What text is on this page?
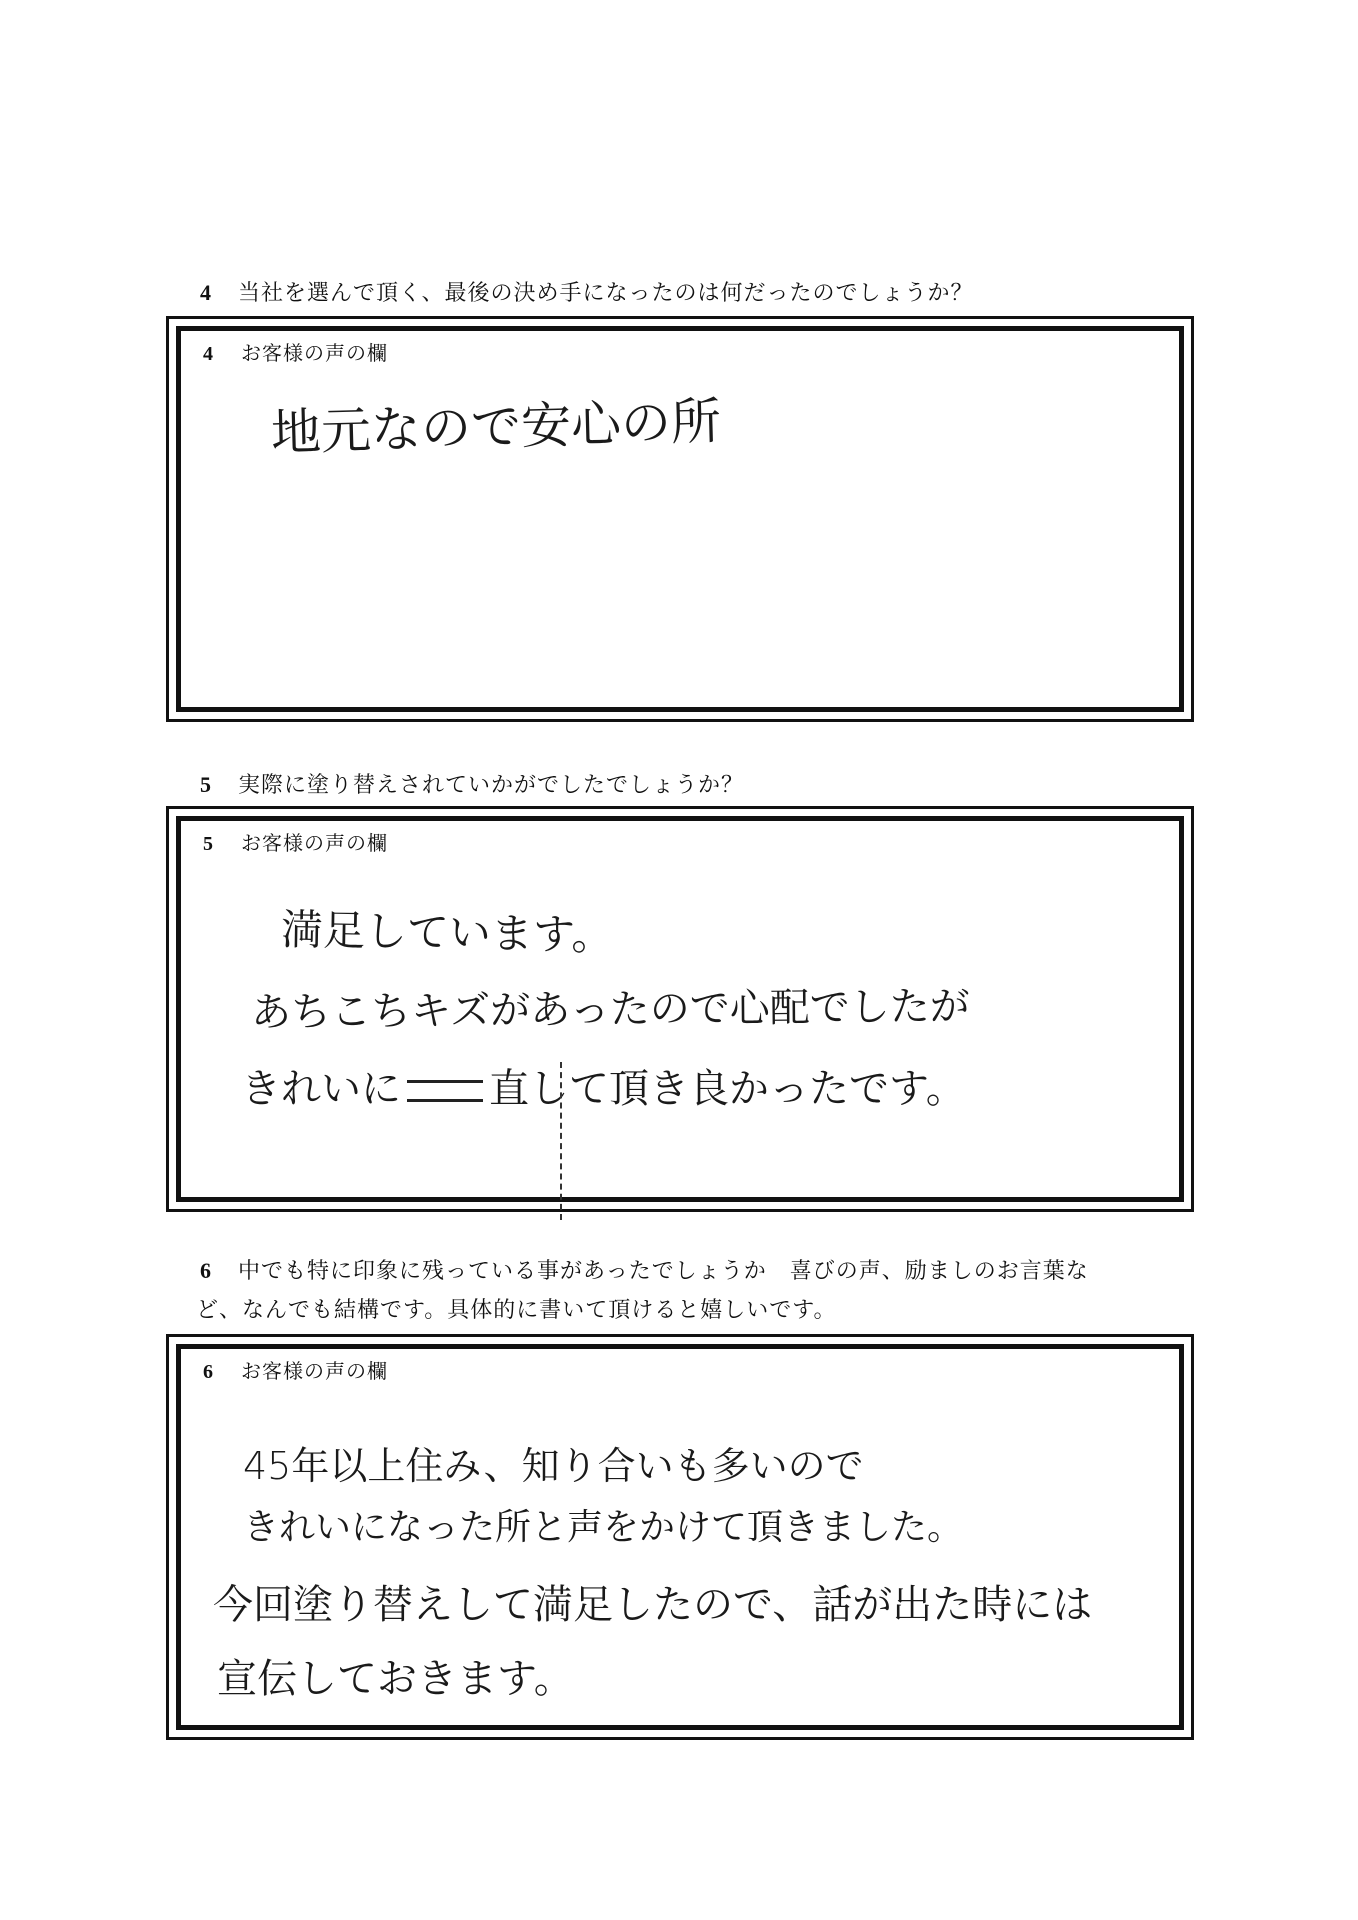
4 当社を選んで頂く、最後の決め手になったのは何だったのでしょうか？
4 お客様の声の欄
地元なので安心の所
5 実際に塗り替えされていかがでしたでしょうか？
5 お客様の声の欄
満足しています。
あちこちキズがあったので心配でしたが
きれいに 直して頂き良かったです。
6 中でも特に印象に残っている事があったでしょうか　喜びの声、励ましのお言葉な
ど、なんでも結構です。具体的に書いて頂けると嬉しいです。
6 お客様の声の欄
45年以上住み、知り合いも多いので
きれいになった所と声をかけて頂きました。
今回塗り替えして満足したので、話が出た時には
宣伝しておきます。
